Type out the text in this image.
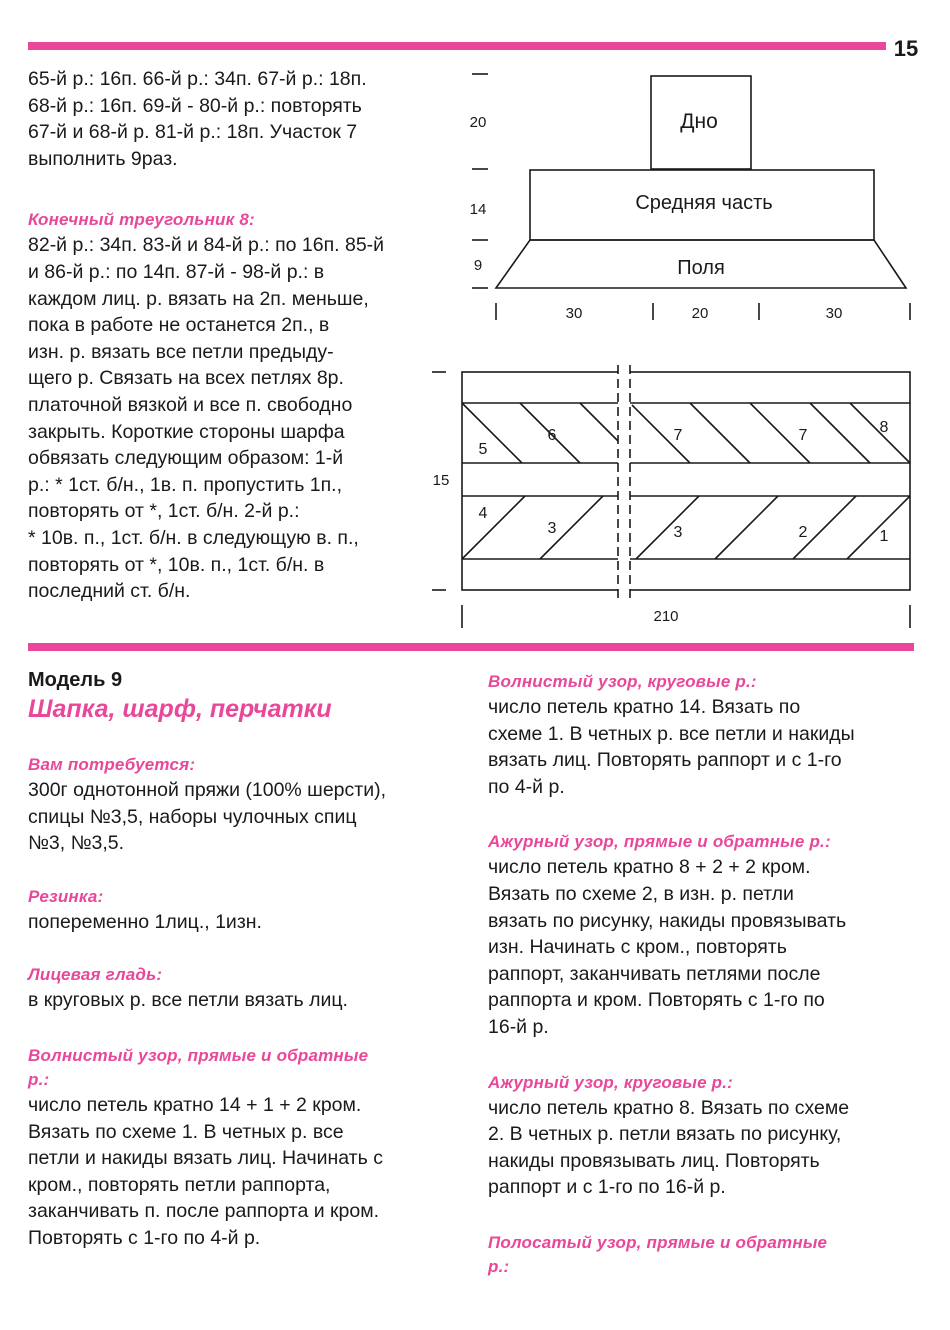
15

65-й р.: 16п. 66-й р.: 34п. 67-й р.: 18п.

68-й р.: 16п. 69-й - 80-й р.: повторять

67-й и 68-й р. 81-й р.: 18п. Участок 7

выполнить 9раз.

Конечный треугольник 8:

82-й р.: 34п. 83-й и 84-й р.: по 16п. 85-й

и 86-й р.: по 14п. 87-й - 98-й р.: в

каждом лиц. р. вязать на 2п. меньше,

пока в работе не останется 2п., в

изн. р. вязать все петли предыду-

щего р. Связать на всех петлях 8р.

платочной вязкой и все п. свободно

закрыть. Короткие стороны шарфа

обвязать следующим образом: 1-й

р.: * 1ст. б/н., 1в. п. пропустить 1п.,

повторять от *, 1ст. б/н. 2-й р.:

* 10в. п., 1ст. б/н. в следующую в. п.,

повторять от *, 10в. п., 1ст. б/н. в

последний ст. б/н.

Дно
Средняя часть
Поля
20
14
9
30	20	30
5
6	7	7	8
4
3	3	2	1
15
210

Модель 9

Шапка, шарф, перчатки

Вам потребуется:

300г однотонной пряжи (100% шерсти),

спицы №3,5, наборы чулочных спиц

№3, №3,5.

Резинка:

попеременно 1лиц., 1изн.

Лицевая гладь:

в круговых р. все петли вязать лиц.

Волнистый узор, прямые и обратные

р.:

число петель кратно 14 + 1 + 2 кром.

Вязать по схеме 1. В четных р. все

петли и накиды вязать лиц. Начинать с

кром., повторять петли раппорта,

заканчивать п. после раппорта и кром.

Повторять с 1-го по 4-й р.

Волнистый узор, круговые р.:

число петель кратно 14. Вязать по

схеме 1. В четных р. все петли и накиды

вязать лиц. Повторять раппорт и с 1-го

по 4-й р.

Ажурный узор, прямые и обратные р.:

число петель кратно 8 + 2 + 2 кром.

Вязать по схеме 2, в изн. р. петли

вязать по рисунку, накиды провязывать

изн. Начинать с кром., повторять

раппорт, заканчивать петлями после

раппорта и кром. Повторять с 1-го по

16-й р.

Ажурный узор, круговые р.:

число петель кратно 8. Вязать по схеме

2. В четных р. петли вязать по рисунку,

накиды провязывать лиц. Повторять

раппорт и с 1-го по 16-й р.

Полосатый узор, прямые и обратные

р.:
